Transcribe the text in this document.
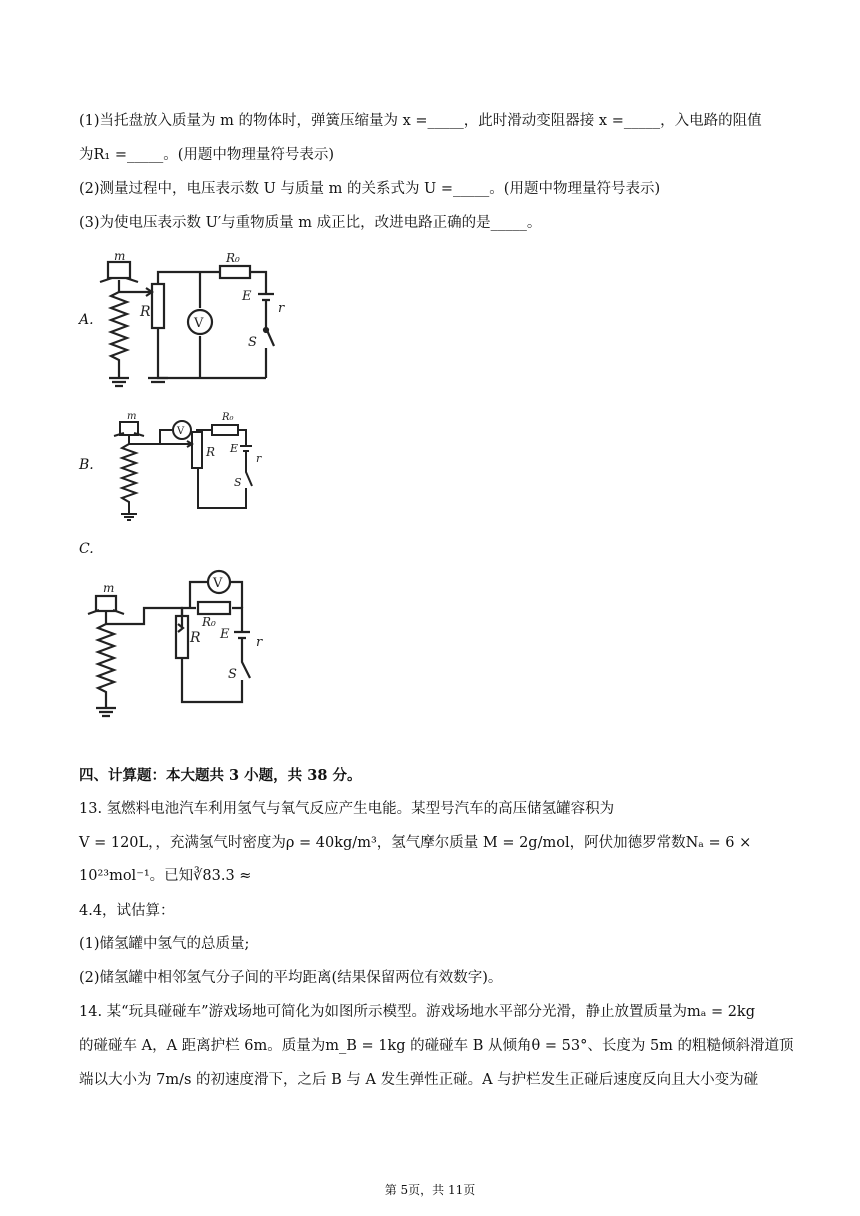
(1)当托盘放入质量为 m 的物体时，弹簧压缩量为 x =_____，此时滑动变阻器接 x =_____，入电路的阻值
为R₁ =_____。(用题中物理量符号表示)
(2)测量过程中，电压表示数 U 与质量 m 的关系式为 U =_____。(用题中物理量符号表示)
(3)为使电压表示数 U′与重物质量 m 成正比，改进电路正确的是_____。
A.
m
R
R₀
V
E
r
S
B.
m
V
R
R₀
E
r
S
C.
m
R
R₀
V
E
r
S
四、计算题：本大题共 3 小题，共 38 分。
13. 氢燃料电池汽车利用氢气与氧气反应产生电能。某型号汽车的高压储氢罐容积为
V = 120L，，充满氢气时密度为ρ = 40kg/m³，氢气摩尔质量 M = 2g/mol，阿伏加德罗常数Nₐ = 6 ×
10²³mol⁻¹。已知∛83.3 ≈
4.4，试估算：
(1)储氢罐中氢气的总质量;
(2)储氢罐中相邻氢气分子间的平均距离(结果保留两位有效数字)。
14. 某“玩具碰碰车”游戏场地可简化为如图所示模型。游戏场地水平部分光滑，静止放置质量为mₐ = 2kg
的碰碰车 A，A 距离护栏 6m。质量为m_B = 1kg 的碰碰车 B 从倾角θ = 53°、长度为 5m 的粗糙倾斜滑道顶
端以大小为 7m/s 的初速度滑下，之后 B 与 A 发生弹性正碰。A 与护栏发生正碰后速度反向且大小变为碰
第 5页，共 11页
